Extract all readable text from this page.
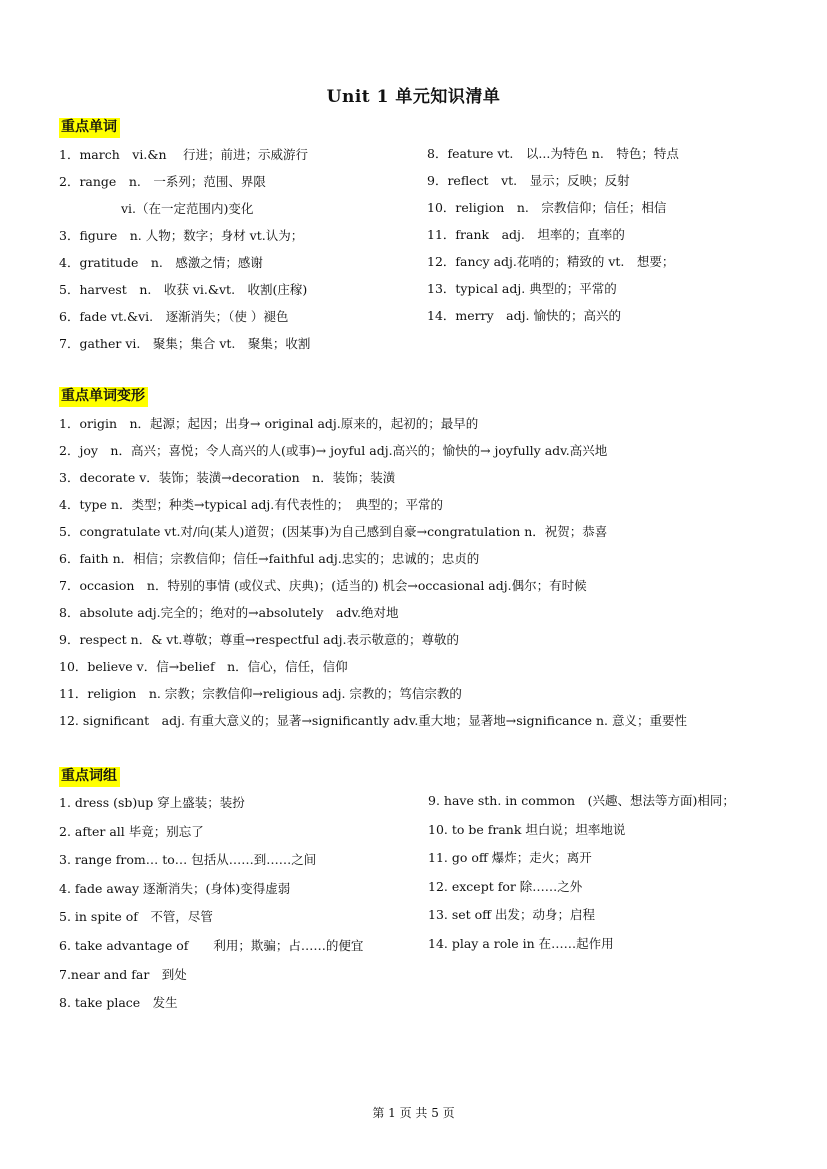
Unit 1 单元知识清单
重点单词
1．march　vi.&n　 行进；前进；示威游行
2．range　n.　一系列；范围、界限
vi.（在一定范围内)变化
3．figure　n. 人物；数字；身材 vt.认为；
4．gratitude　n.　感激之情；感谢
5．harvest　n.　收获 vi.&vt.　收割(庄稼)
6．fade vt.&vi.　逐渐消失；（使 ）褪色
7．gather vi.　聚集；集合 vt.　聚集；收割
8．feature vt.　以...为特色 n.　特色；特点
9．reflect　vt.　显示；反映；反射
10．religion　n.　宗教信仰；信任；相信
11．frank　adj.　坦率的；直率的
12．fancy adj.花哨的；精致的 vt.　想要；
13．typical adj. 典型的；平常的
14．merry　adj. 愉快的；高兴的
重点单词变形
1．origin　n．起源；起因；出身→ original adj.原来的，起初的；最早的
2．joy　n．高兴；喜悦；令人高兴的人(或事)→ joyful adj.高兴的；愉快的→ joyfully adv.高兴地
3．decorate v．装饰；装潢→decoration　n．装饰；装潢
4．type n．类型；种类→typical adj.有代表性的；　典型的；平常的
5．congratulate vt.对/向(某人)道贺；(因某事)为自己感到自豪→congratulation n．祝贺；恭喜
6．faith n．相信；宗教信仰；信任→faithful adj.忠实的；忠诚的；忠贞的
7．occasion　n．特别的事情 (或仪式、庆典)；(适当的) 机会→occasional adj.偶尔；有时候
8．absolute adj.完全的；绝对的→absolutely　adv.绝对地
9．respect n．& vt.尊敬；尊重→respectful adj.表示敬意的；尊敬的
10．believe v．信→belief　n．信心，信任，信仰
11．religion　n. 宗教；宗教信仰→religious adj. 宗教的；笃信宗教的
12. significant　adj. 有重大意义的；显著→significantly adv.重大地；显著地→significance n. 意义；重要性
重点词组
1. dress (sb)up 穿上盛装；装扮
2. after all 毕竟；别忘了
3. range from… to… 包括从……到……之间
4. fade away 逐渐消失；(身体)变得虚弱
5. in spite of　不管，尽管
6. take advantage of　　利用；欺骗；占……的便宜
7.near and far　到处
8. take place　发生
9. have sth. in common　(兴趣、想法等方面)相同；
10. to be frank 坦白说；坦率地说
11. go off 爆炸；走火；离开
12. except for 除……之外
13. set off 出发；动身；启程
14. play a role in 在……起作用
第 1 页 共 5 页
